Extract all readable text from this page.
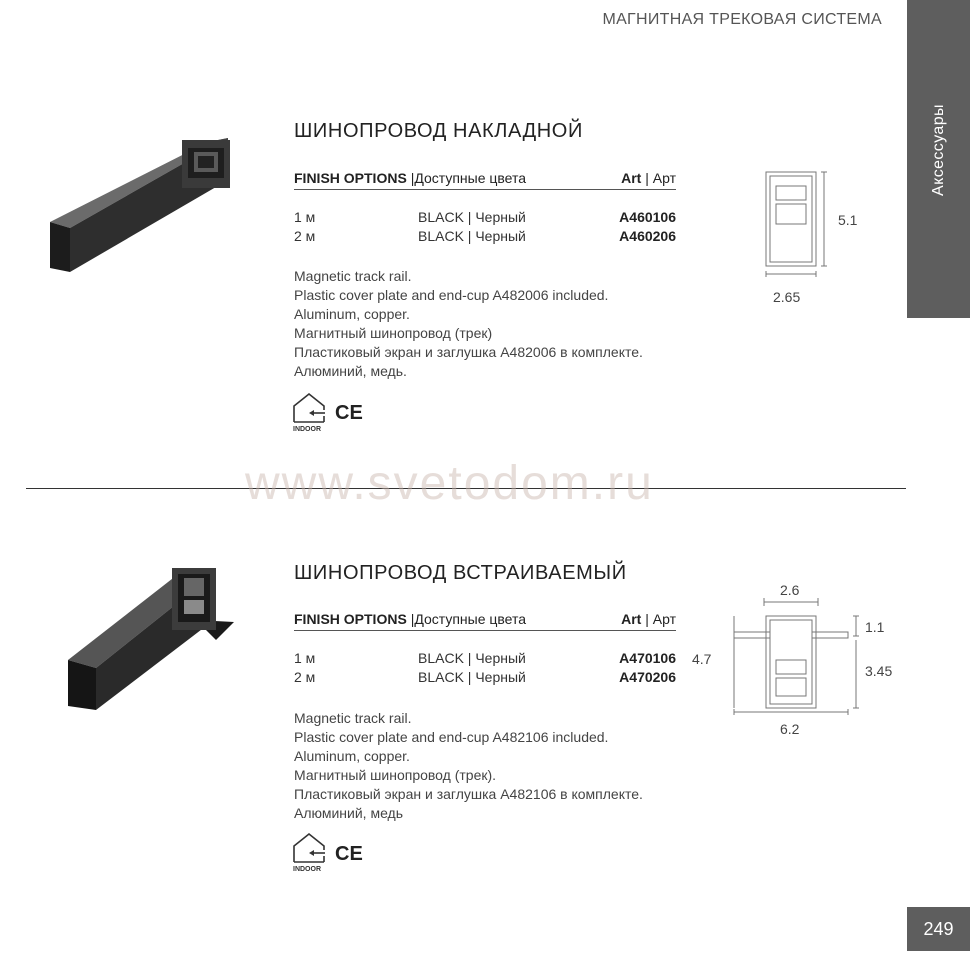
МАГНИТНАЯ ТРЕКОВАЯ СИСТЕМА
Аксессуары
249
ШИНОПРОВОД НАКЛАДНОЙ
FINISH OPTIONS |Доступные цвета	Art | Арт
1 м	BLACK | Черный	A460106
2 м	BLACK | Черный	A460206
Magnetic track rail.
Plastic cover plate and end-cup A482006 included.
Aluminum, copper.
Магнитный шинопровод (трек)
Пластиковый экран и заглушка A482006 в комплекте.
Алюминий, медь.
INDOOR
CE
5.1
2.65
www.svetodom.ru
ШИНОПРОВОД ВСТРАИВАЕМЫЙ
FINISH OPTIONS |Доступные цвета	Art | Арт
1 м	BLACK | Черный	A470106
2 м	BLACK | Черный	A470206
Magnetic track rail.
Plastic cover plate and end-cup A482106 included.
Aluminum, copper.
Магнитный шинопровод (трек).
Пластиковый экран и заглушка A482106 в комплекте.
Алюминий, медь
INDOOR
CE
2.6
1.1
4.7
3.45
6.2
